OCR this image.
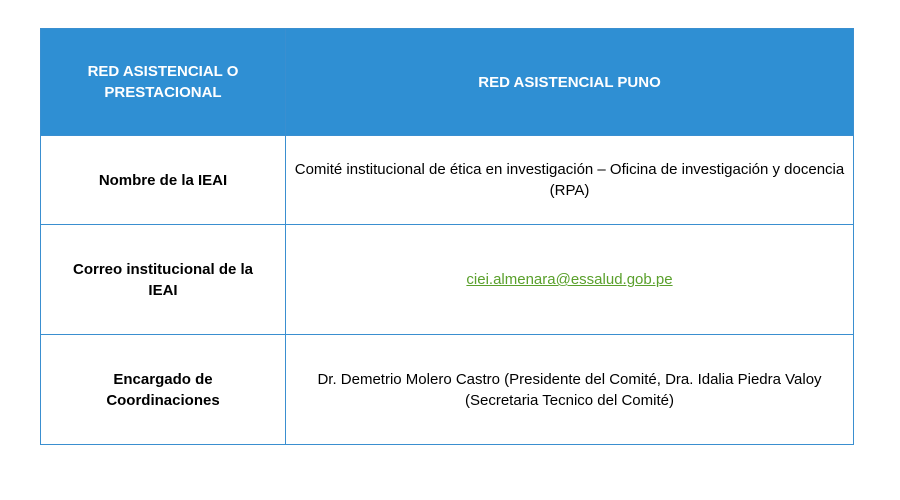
RED ASISTENCIAL O PRESTACIONAL	RED ASISTENCIAL PUNO
Nombre de la IEAI	Comité institucional de ética en investigación – Oficina de investigación y docencia (RPA)
Correo institucional de la IEAI	ciei.almenara@essalud.gob.pe
Encargado de Coordinaciones	Dr. Demetrio Molero Castro (Presidente del Comité, Dra. Idalia Piedra Valoy (Secretaria Tecnico del Comité)
